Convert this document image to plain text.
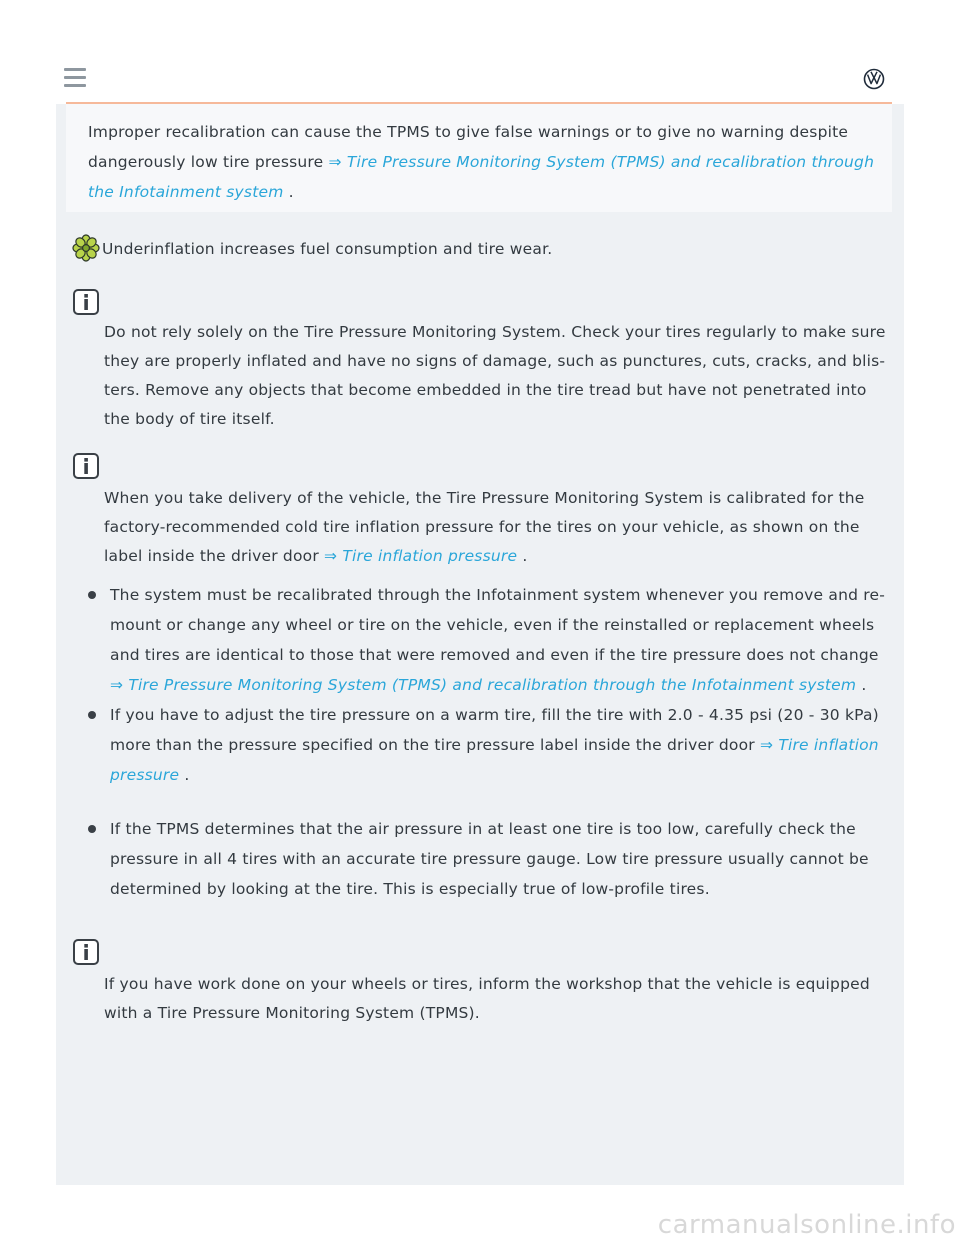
Improper recalibration can cause the TPMS to give false warnings or to give no warning despite dangerously low tire pressure ⇒ Tire Pressure Monitoring System (TPMS) and recalibration through the Infotainment system .
Underinflation increases fuel consumption and tire wear.
Do not rely solely on the Tire Pressure Monitoring System. Check your tires regularly to make sure they are properly inflated and have no signs of damage, such as punctures, cuts, cracks, and blis-ters. Remove any objects that become embedded in the tire tread but have not penetrated into the body of tire itself.
When you take delivery of the vehicle, the Tire Pressure Monitoring System is calibrated for the factory-recommended cold tire inflation pressure for the tires on your vehicle, as shown on the label inside the driver door ⇒ Tire inflation pressure .
The system must be recalibrated through the Infotainment system whenever you remove and re-mount or change any wheel or tire on the vehicle, even if the reinstalled or replacement wheels and tires are identical to those that were removed and even if the tire pressure does not change ⇒ Tire Pressure Monitoring System (TPMS) and recalibration through the Infotainment system .
If you have to adjust the tire pressure on a warm tire, fill the tire with 2.0 - 4.35 psi (20 - 30 kPa) more than the pressure specified on the tire pressure label inside the driver door ⇒ Tire inflation pressure .
If the TPMS determines that the air pressure in at least one tire is too low, carefully check the pressure in all 4 tires with an accurate tire pressure gauge. Low tire pressure usually cannot be determined by looking at the tire. This is especially true of low-profile tires.
If you have work done on your wheels or tires, inform the workshop that the vehicle is equipped with a Tire Pressure Monitoring System (TPMS).
carmanualsonline.info
